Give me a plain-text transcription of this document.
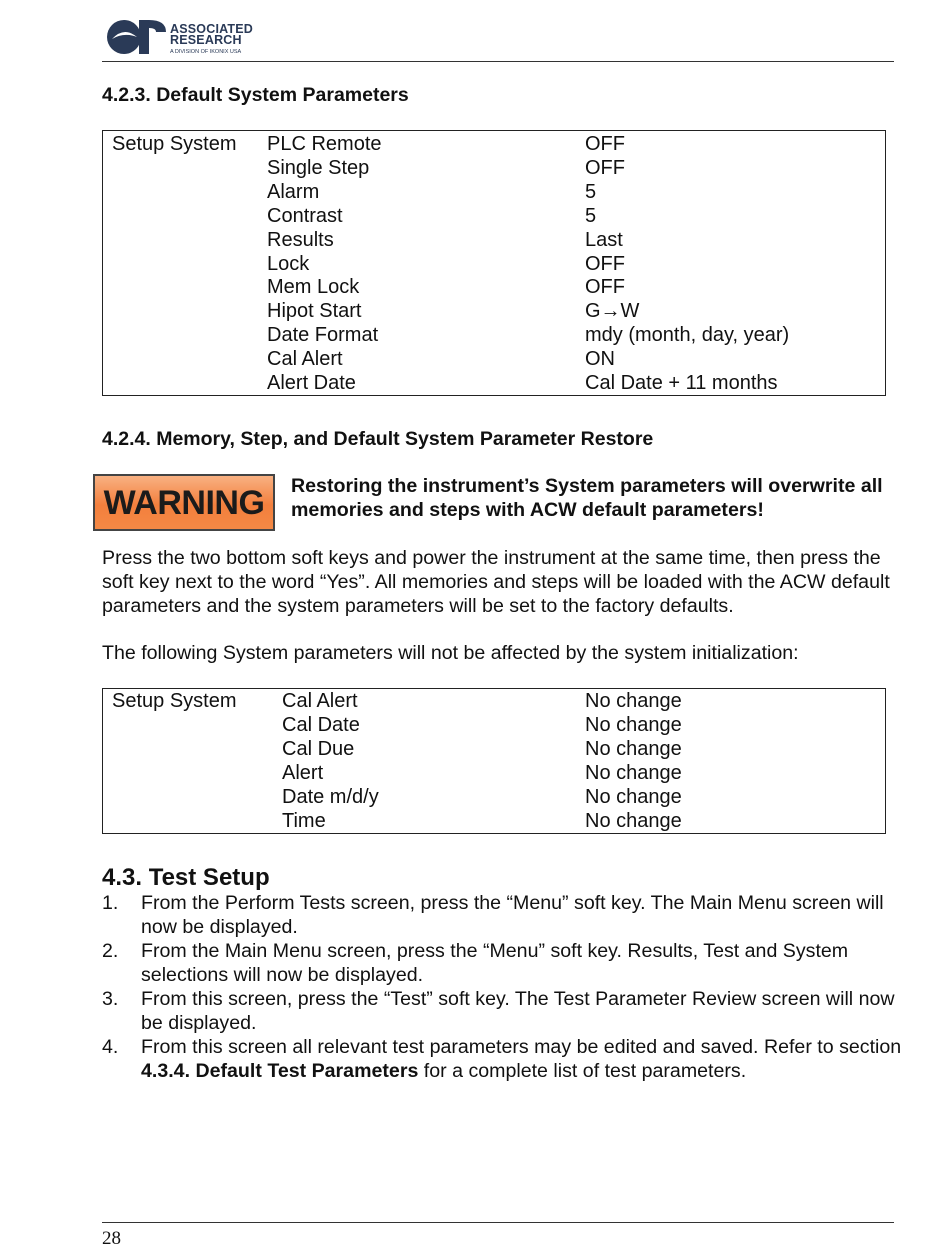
ASSOCIATED
RESEARCH
A DIVISION OF IKONIX USA
4.2.3. Default System Parameters
Setup System PLC Remote	OFF
Single Step	OFF
Alarm	5
Contrast	5
Results	Last
Lock	OFF
Mem Lock	OFF
Hipot Start	G→W
Date Format	mdy (month, day, year)
Cal Alert	ON
Alert Date	Cal Date + 11 months
4.2.4. Memory, Step, and Default System Parameter Restore
WARNING	Restoring the instrument’s System parameters will overwrite all memories and steps with ACW default parameters!
Press the two bottom soft keys and power the instrument at the same time, then press the soft key next to the word “Yes”. All memories and steps will be loaded with the ACW default parameters and the system parameters will be set to the factory defaults.
The following System parameters will not be affected by the system initialization:
Setup System Cal Alert	No change
Cal Date	No change
Cal Due	No change
Alert	No change
Date m/d/y	No change
Time	No change
4.3. Test Setup
1. From the Perform Tests screen, press the “Menu” soft key. The Main Menu screen will now be displayed.
2. From the Main Menu screen, press the “Menu” soft key. Results, Test and System selections will now be displayed.
3. From this screen, press the “Test” soft key. The Test Parameter Review screen will now be displayed.
4. From this screen all relevant test parameters may be edited and saved. Refer to section 4.3.4. Default Test Parameters for a complete list of test parameters.
28
